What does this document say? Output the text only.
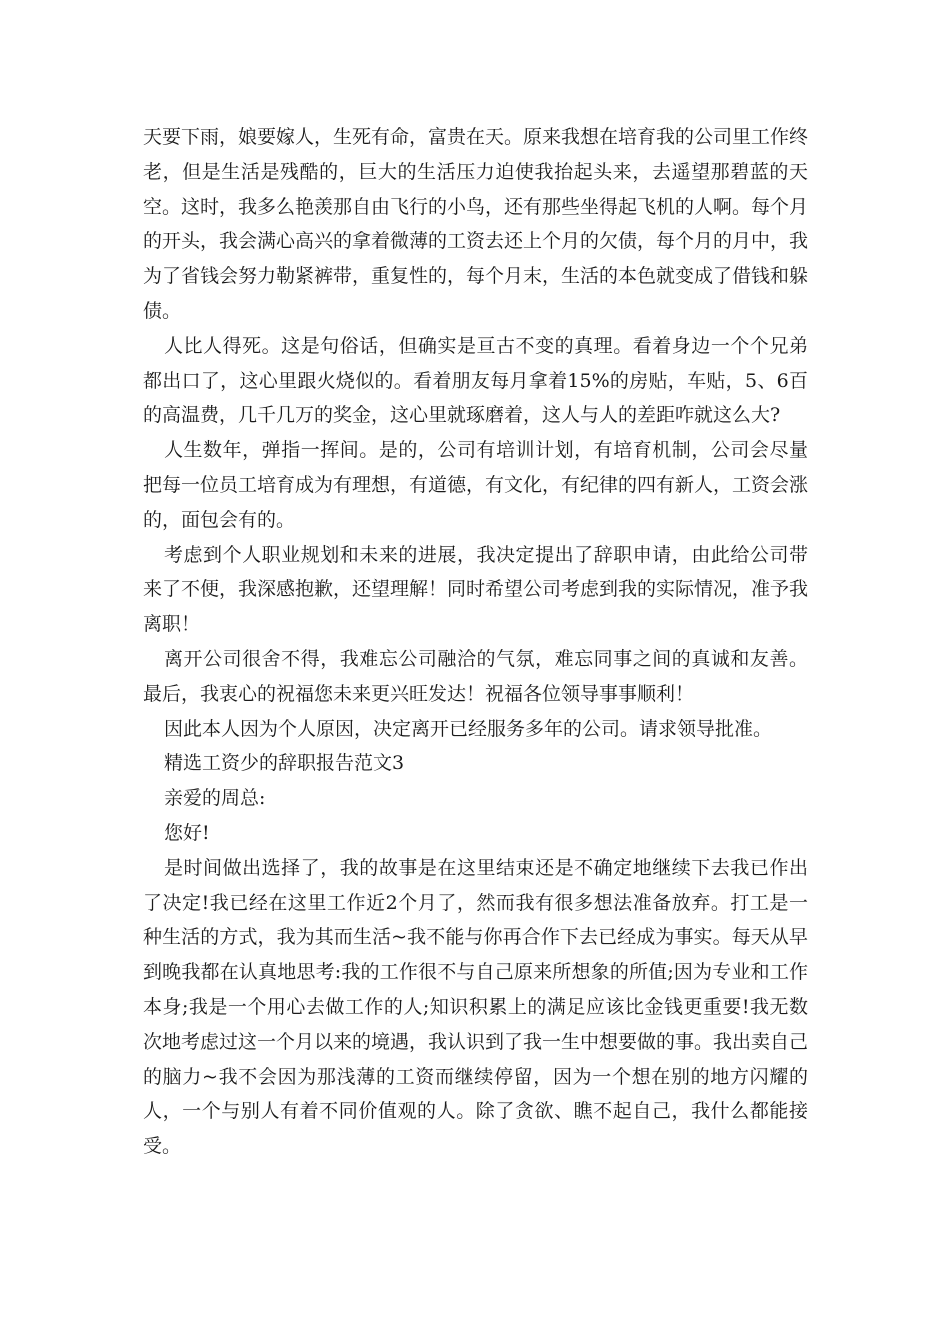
天要下雨，娘要嫁人，生死有命，富贵在天。原来我想在培育我的公司里工作终老，但是生活是残酷的，巨大的生活压力迫使我抬起头来，去遥望那碧蓝的天空。这时，我多么艳羡那自由飞行的小鸟，还有那些坐得起飞机的人啊。每个月的开头，我会满心高兴的拿着微薄的工资去还上个月的欠债，每个月的月中，我为了省钱会努力勒紧裤带，重复性的，每个月末，生活的本色就变成了借钱和躲债。

人比人得死。这是句俗话，但确实是亘古不变的真理。看着身边一个个兄弟都出口了，这心里跟火烧似的。看着朋友每月拿着15%的房贴，车贴，5、6百的高温费，几千几万的奖金，这心里就琢磨着，这人与人的差距咋就这么大?

人生数年，弹指一挥间。是的，公司有培训计划，有培育机制，公司会尽量把每一位员工培育成为有理想，有道德，有文化，有纪律的四有新人，工资会涨的，面包会有的。

考虑到个人职业规划和未来的进展，我决定提出了辞职申请，由此给公司带来了不便，我深感抱歉，还望理解！同时希望公司考虑到我的实际情况，准予我离职！

离开公司很舍不得，我难忘公司融洽的气氛，难忘同事之间的真诚和友善。最后，我衷心的祝福您未来更兴旺发达！祝福各位领导事事顺利！

因此本人因为个人原因，决定离开已经服务多年的公司。请求领导批准。

精选工资少的辞职报告范文3

亲爱的周总:

您好!

是时间做出选择了，我的故事是在这里结束还是不确定地继续下去我已作出了决定!我已经在这里工作近2个月了，然而我有很多想法准备放弃。打工是一种生活的方式，我为其而生活~我不能与你再合作下去已经成为事实。每天从早到晚我都在认真地思考:我的工作很不与自己原来所想象的所值;因为专业和工作本身;我是一个用心去做工作的人;知识积累上的满足应该比金钱更重要!我无数次地考虑过这一个月以来的境遇，我认识到了我一生中想要做的事。我出卖自己的脑力~我不会因为那浅薄的工资而继续停留，因为一个想在别的地方闪耀的人，一个与别人有着不同价值观的人。除了贪欲、瞧不起自己，我什么都能接受。
